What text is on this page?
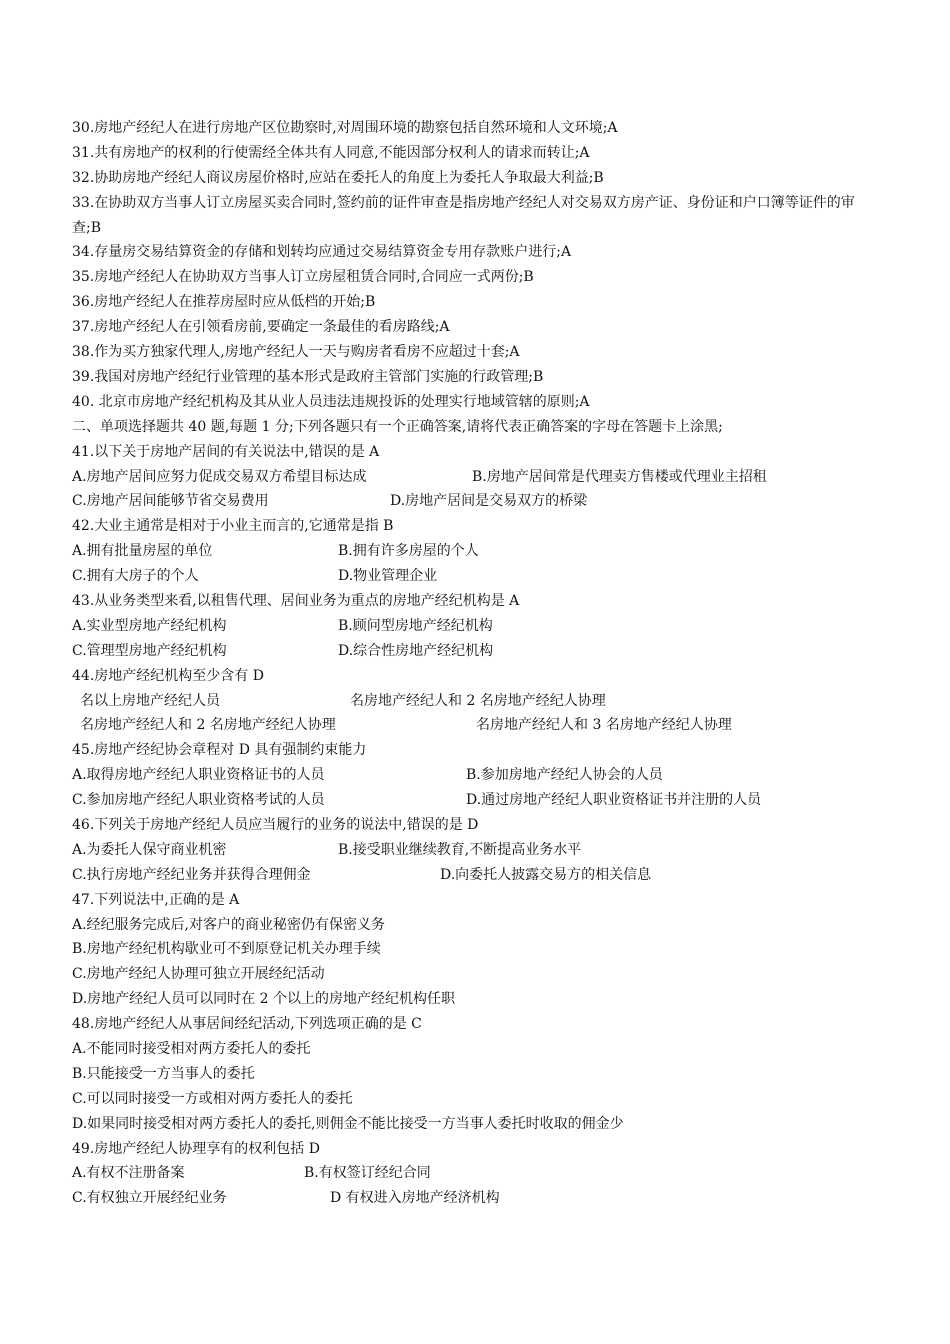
30.房地产经纪人在进行房地产区位勘察时,对周围环境的勘察包括自然环境和人文环境;A
31.共有房地产的权利的行使需经全体共有人同意,不能因部分权利人的请求而转让;A
32.协助房地产经纪人商议房屋价格时,应站在委托人的角度上为委托人争取最大利益;B
33.在协助双方当事人订立房屋买卖合同时,签约前的证件审查是指房地产经纪人对交易双方房产证、身份证和户口簿等证件的审查;B
34.存量房交易结算资金的存储和划转均应通过交易结算资金专用存款账户进行;A
35.房地产经纪人在协助双方当事人订立房屋租赁合同时,合同应一式两份;B
36.房地产经纪人在推荐房屋时应从低档的开始;B
37.房地产经纪人在引领看房前,要确定一条最佳的看房路线;A
38.作为买方独家代理人,房地产经纪人一天与购房者看房不应超过十套;A
39.我国对房地产经纪行业管理的基本形式是政府主管部门实施的行政管理;B
40. 北京市房地产经纪机构及其从业人员违法违规投诉的处理实行地域管辖的原则;A
二、单项选择题共 40 题,每题 1 分;下列各题只有一个正确答案,请将代表正确答案的字母在答题卡上涂黑;
41.以下关于房地产居间的有关说法中,错误的是 A
A.房地产居间应努力促成交易双方希望目标达成	B.房地产居间常是代理卖方售楼或代理业主招租
C.房地产居间能够节省交易费用	D.房地产居间是交易双方的桥梁
42.大业主通常是相对于小业主而言的,它通常是指 B
A.拥有批量房屋的单位	B.拥有许多房屋的个人
C.拥有大房子的个人	D.物业管理企业
43.从业务类型来看,以租售代理、居间业务为重点的房地产经纪机构是 A
A.实业型房地产经纪机构	B.顾问型房地产经纪机构
C.管理型房地产经纪机构	D.综合性房地产经纪机构
44.房地产经纪机构至少含有 D
名以上房地产经纪人员	名房地产经纪人和 2 名房地产经纪人协理
名房地产经纪人和 2 名房地产经纪人协理	名房地产经纪人和 3 名房地产经纪人协理
45.房地产经纪协会章程对 D 具有强制约束能力
A.取得房地产经纪人职业资格证书的人员	B.参加房地产经纪人协会的人员
C.参加房地产经纪人职业资格考试的人员	D.通过房地产经纪人职业资格证书并注册的人员
46.下列关于房地产经纪人员应当履行的业务的说法中,错误的是 D
A.为委托人保守商业机密	B.接受职业继续教育,不断提高业务水平
C.执行房地产经纪业务并获得合理佣金	D.向委托人披露交易方的相关信息
47.下列说法中,正确的是 A
A.经纪服务完成后,对客户的商业秘密仍有保密义务
B.房地产经纪机构歇业可不到原登记机关办理手续
C.房地产经纪人协理可独立开展经纪活动
D.房地产经纪人员可以同时在 2 个以上的房地产经纪机构任职
48.房地产经纪人从事居间经纪活动,下列选项正确的是 C
A.不能同时接受相对两方委托人的委托
B.只能接受一方当事人的委托
C.可以同时接受一方或相对两方委托人的委托
D.如果同时接受相对两方委托人的委托,则佣金不能比接受一方当事人委托时收取的佣金少
49.房地产经纪人协理享有的权利包括 D
A.有权不注册备案	B.有权签订经纪合同
C.有权独立开展经纪业务	D 有权进入房地产经济机构
